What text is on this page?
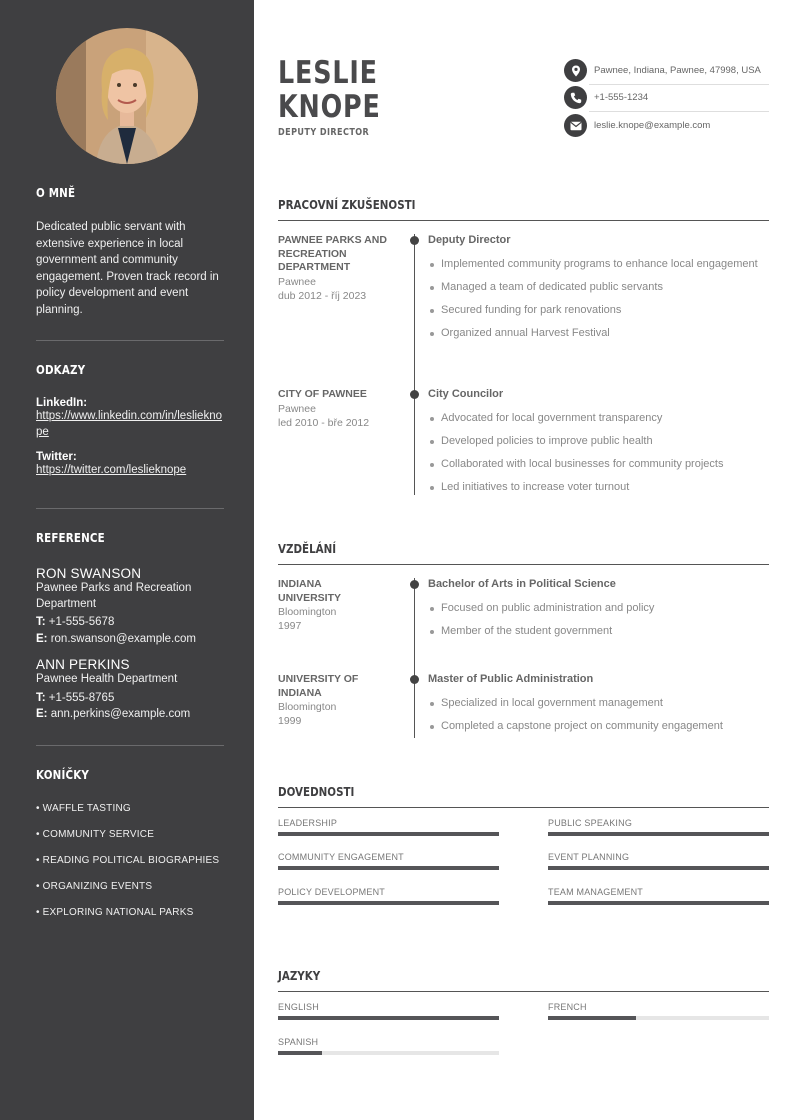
O MNĚ
Dedicated public servant with extensive experience in local government and community engagement. Proven track record in policy development and event planning.
ODKAZY
LinkedIn:
https://www.linkedin.com/in/leslieknope
Twitter:
https://twitter.com/leslieknope
REFERENCE
RON SWANSON
Pawnee Parks and Recreation Department
T: +1-555-5678
E: ron.swanson@example.com
ANN PERKINS
Pawnee Health Department
T: +1-555-8765
E: ann.perkins@example.com
KONÍČKY
• WAFFLE TASTING
• COMMUNITY SERVICE
• READING POLITICAL BIOGRAPHIES
• ORGANIZING EVENTS
• EXPLORING NATIONAL PARKS
LESLIE
KNOPE
DEPUTY DIRECTOR
Pawnee, Indiana, Pawnee, 47998, USA
+1-555-1234
leslie.knope@example.com
PRACOVNÍ ZKUŠENOSTI
PAWNEE PARKS AND RECREATION DEPARTMENT
Pawnee
dub 2012 - říj 2023
Deputy Director
Implemented community programs to enhance local engagement
Managed a team of dedicated public servants
Secured funding for park renovations
Organized annual Harvest Festival
CITY OF PAWNEE
Pawnee
led 2010 - bře 2012
City Councilor
Advocated for local government transparency
Developed policies to improve public health
Collaborated with local businesses for community projects
Led initiatives to increase voter turnout
VZDĚLÁNÍ
INDIANA UNIVERSITY
Bloomington
1997
Bachelor of Arts in Political Science
Focused on public administration and policy
Member of the student government
UNIVERSITY OF INDIANA
Bloomington
1999
Master of Public Administration
Specialized in local government management
Completed a capstone project on community engagement
DOVEDNOSTI
LEADERSHIP	PUBLIC SPEAKING
COMMUNITY ENGAGEMENT	EVENT PLANNING
POLICY DEVELOPMENT	TEAM MANAGEMENT
JAZYKY
ENGLISH	FRENCH
SPANISH
